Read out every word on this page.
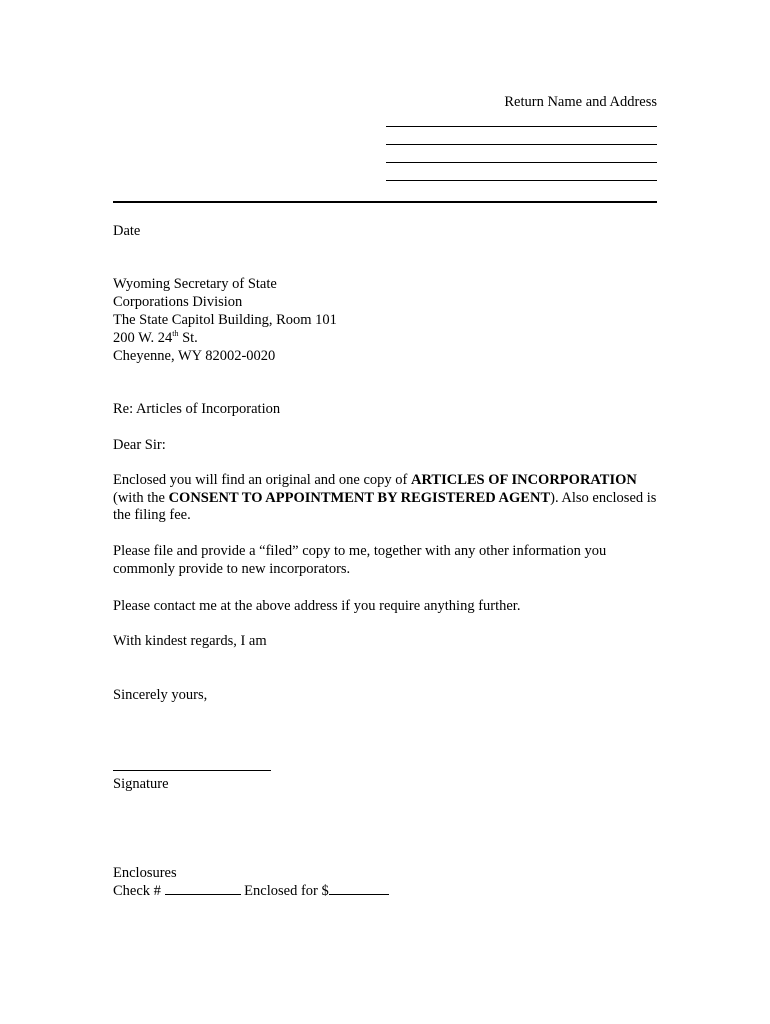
Return Name and Address
Date
Wyoming Secretary of State
Corporations Division
The State Capitol Building, Room 101
200 W. 24th St.
Cheyenne, WY 82002-0020
Re: Articles of Incorporation
Dear Sir:
Enclosed you will find an original and one copy of ARTICLES OF INCORPORATION (with the CONSENT TO APPOINTMENT BY REGISTERED AGENT). Also enclosed is the filing fee.
Please file and provide a “filed” copy to me, together with any other information you commonly provide to new incorporators.
Please contact me at the above address if you require anything further.
With kindest regards, I am
Sincerely yours,
Signature
Enclosures
Check #	Enclosed for $
